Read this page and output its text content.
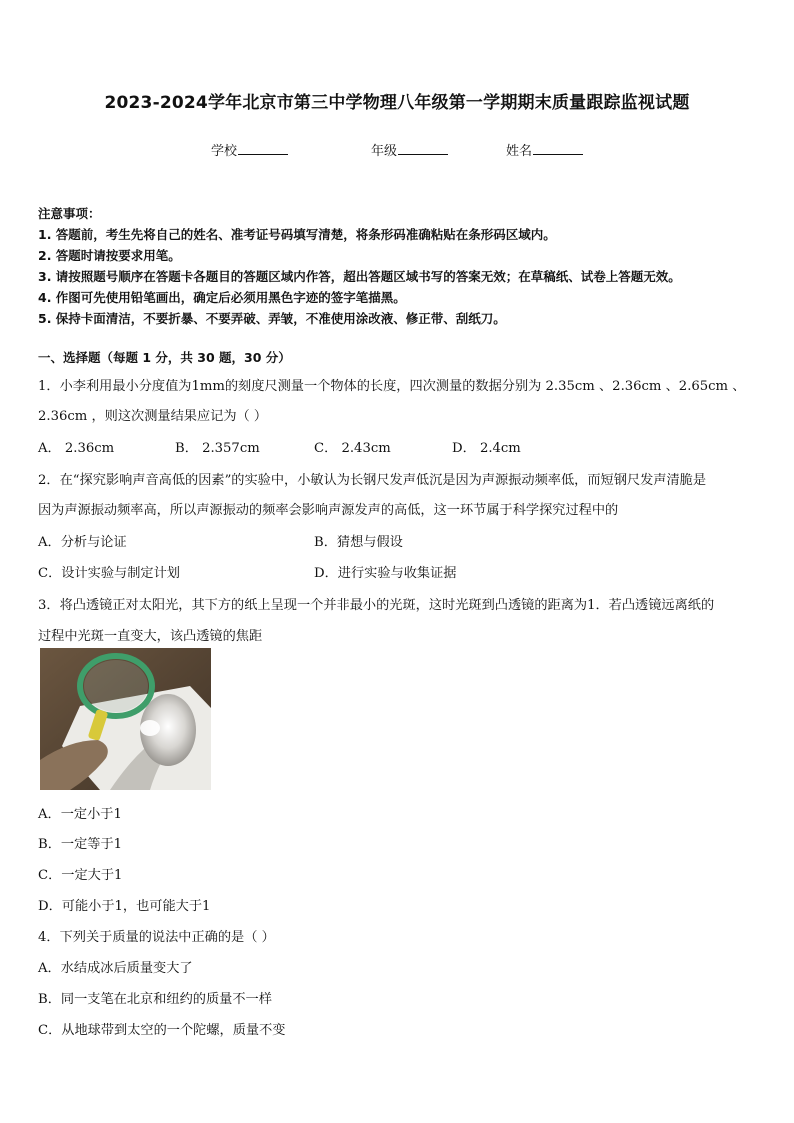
2023-2024学年北京市第三中学物理八年级第一学期期末质量跟踪监视试题
学校	年级	姓名
注意事项：
1. 答题前，考生先将自己的姓名、准考证号码填写清楚，将条形码准确粘贴在条形码区域内。
2. 答题时请按要求用笔。
3. 请按照题号顺序在答题卡各题目的答题区域内作答，超出答题区域书写的答案无效；在草稿纸、试卷上答题无效。
4. 作图可先使用铅笔画出，确定后必须用黑色字迹的签字笔描黑。
5. 保持卡面清洁，不要折暴、不要弄破、弄皱，不准使用涂改液、修正带、刮纸刀。
一、选择题（每题 1 分，共 30 题，30 分）
1．小李利用最小分度值为1mm的刻度尺测量一个物体的长度，四次测量的数据分别为 2.35cm 、2.36cm 、2.65cm 、
2.36cm ，则这次测量结果应记为（ ）
A． 2.36cm	B． 2.357cm	C． 2.43cm	D． 2.4cm
2．在“探究影响声音高低的因素”的实验中，小敏认为长钢尺发声低沉是因为声源振动频率低，而短钢尺发声清脆是
因为声源振动频率高，所以声源振动的频率会影响声源发声的高低，这一环节属于科学探究过程中的
A．分析与论证	B．猜想与假设
C．设计实验与制定计划	D．进行实验与收集证据
3．将凸透镜正对太阳光，其下方的纸上呈现一个并非最小的光斑，这时光斑到凸透镜的距离为1．若凸透镜远离纸的
过程中光斑一直变大，该凸透镜的焦距
A．一定小于1
B．一定等于1
C．一定大于1
D．可能小于1，也可能大于1
4．下列关于质量的说法中正确的是（ ）
A．水结成冰后质量变大了
B．同一支笔在北京和纽约的质量不一样
C．从地球带到太空的一个陀螺，质量不变
